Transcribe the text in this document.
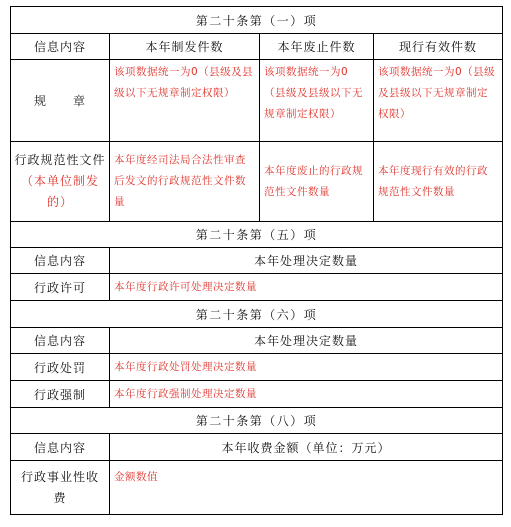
第二十条第（一）项			
信息内容	本年制发件数	本年废止件数	现行有效件数
规　　章	该项数据统一为0（县级及县级以下无规章制定权限）	该项数据统一为0（县级及县级以下无规章制定权限）	该项数据统一为0（县级及县级以下无规章制定权限）
行政规范性文件（本单位制发的）	本年度经司法局合法性审查后发文的行政规范性文件数量	本年度废止的行政规范性文件数量	本年度现行有效的行政规范性文件数量
第二十条第（五）项			
信息内容	本年处理决定数量		
行政许可	本年度行政许可处理决定数量		
第二十条第（六）项			
信息内容	本年处理决定数量		
行政处罚	本年度行政处罚处理决定数量		
行政强制	本年度行政强制处理决定数量		
第二十条第（八）项			
信息内容	本年收费金额（单位：万元）		
行政事业性收费	金额数值		
